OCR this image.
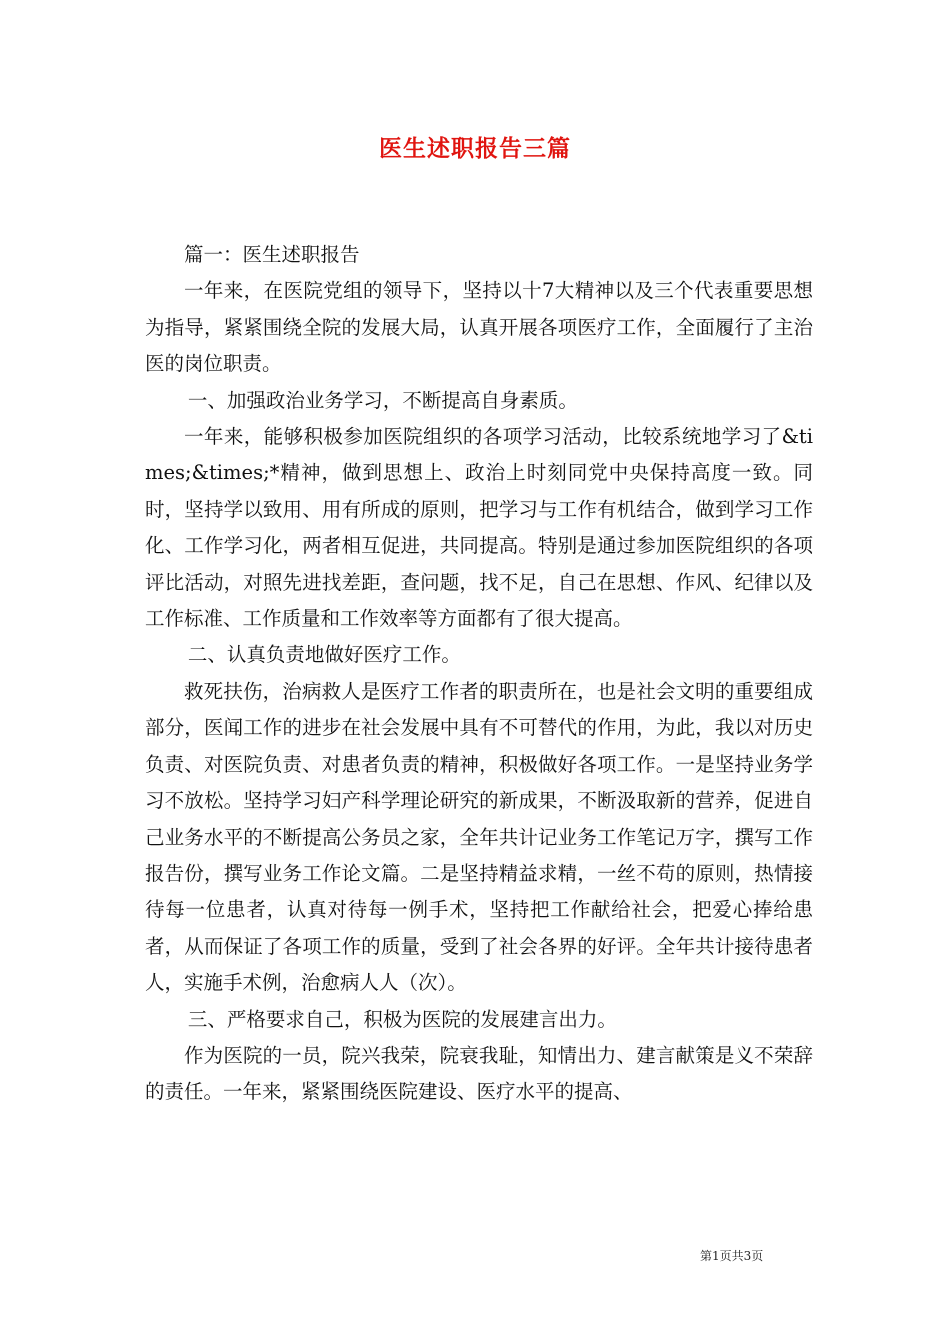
医生述职报告三篇

篇一：医生述职报告

一年来，在医院党组的领导下，坚持以十7大精神以及三个代表重要思想为指导，紧紧围绕全院的发展大局，认真开展各项医疗工作，全面履行了主治医的岗位职责。

一、加强政治业务学习，不断提高自身素质。

一年来，能够积极参加医院组织的各项学习活动，比较系统地学习了&times;&times;*精神，做到思想上、政治上时刻同党中央保持高度一致。同时，坚持学以致用、用有所成的原则，把学习与工作有机结合，做到学习工作化、工作学习化，两者相互促进，共同提高。特别是通过参加医院组织的各项评比活动，对照先进找差距，查问题，找不足，自己在思想、作风、纪律以及工作标准、工作质量和工作效率等方面都有了很大提高。

二、认真负责地做好医疗工作。

救死扶伤，治病救人是医疗工作者的职责所在，也是社会文明的重要组成部分，医闻工作的进步在社会发展中具有不可替代的作用，为此，我以对历史负责、对医院负责、对患者负责的精神，积极做好各项工作。一是坚持业务学习不放松。坚持学习妇产科学理论研究的新成果，不断汲取新的营养，促进自己业务水平的不断提高公务员之家，全年共计记业务工作笔记万字，撰写工作报告份，撰写业务工作论文篇。二是坚持精益求精，一丝不苟的原则，热情接待每一位患者，认真对待每一例手术，坚持把工作献给社会，把爱心捧给患者，从而保证了各项工作的质量，受到了社会各界的好评。全年共计接待患者人，实施手术例，治愈病人人（次）。

三、严格要求自己，积极为医院的发展建言出力。

作为医院的一员，院兴我荣，院衰我耻，知情出力、建言献策是义不荣辞的责任。一年来，紧紧围绕医院建设、医疗水平的提高、

第1页共3页
